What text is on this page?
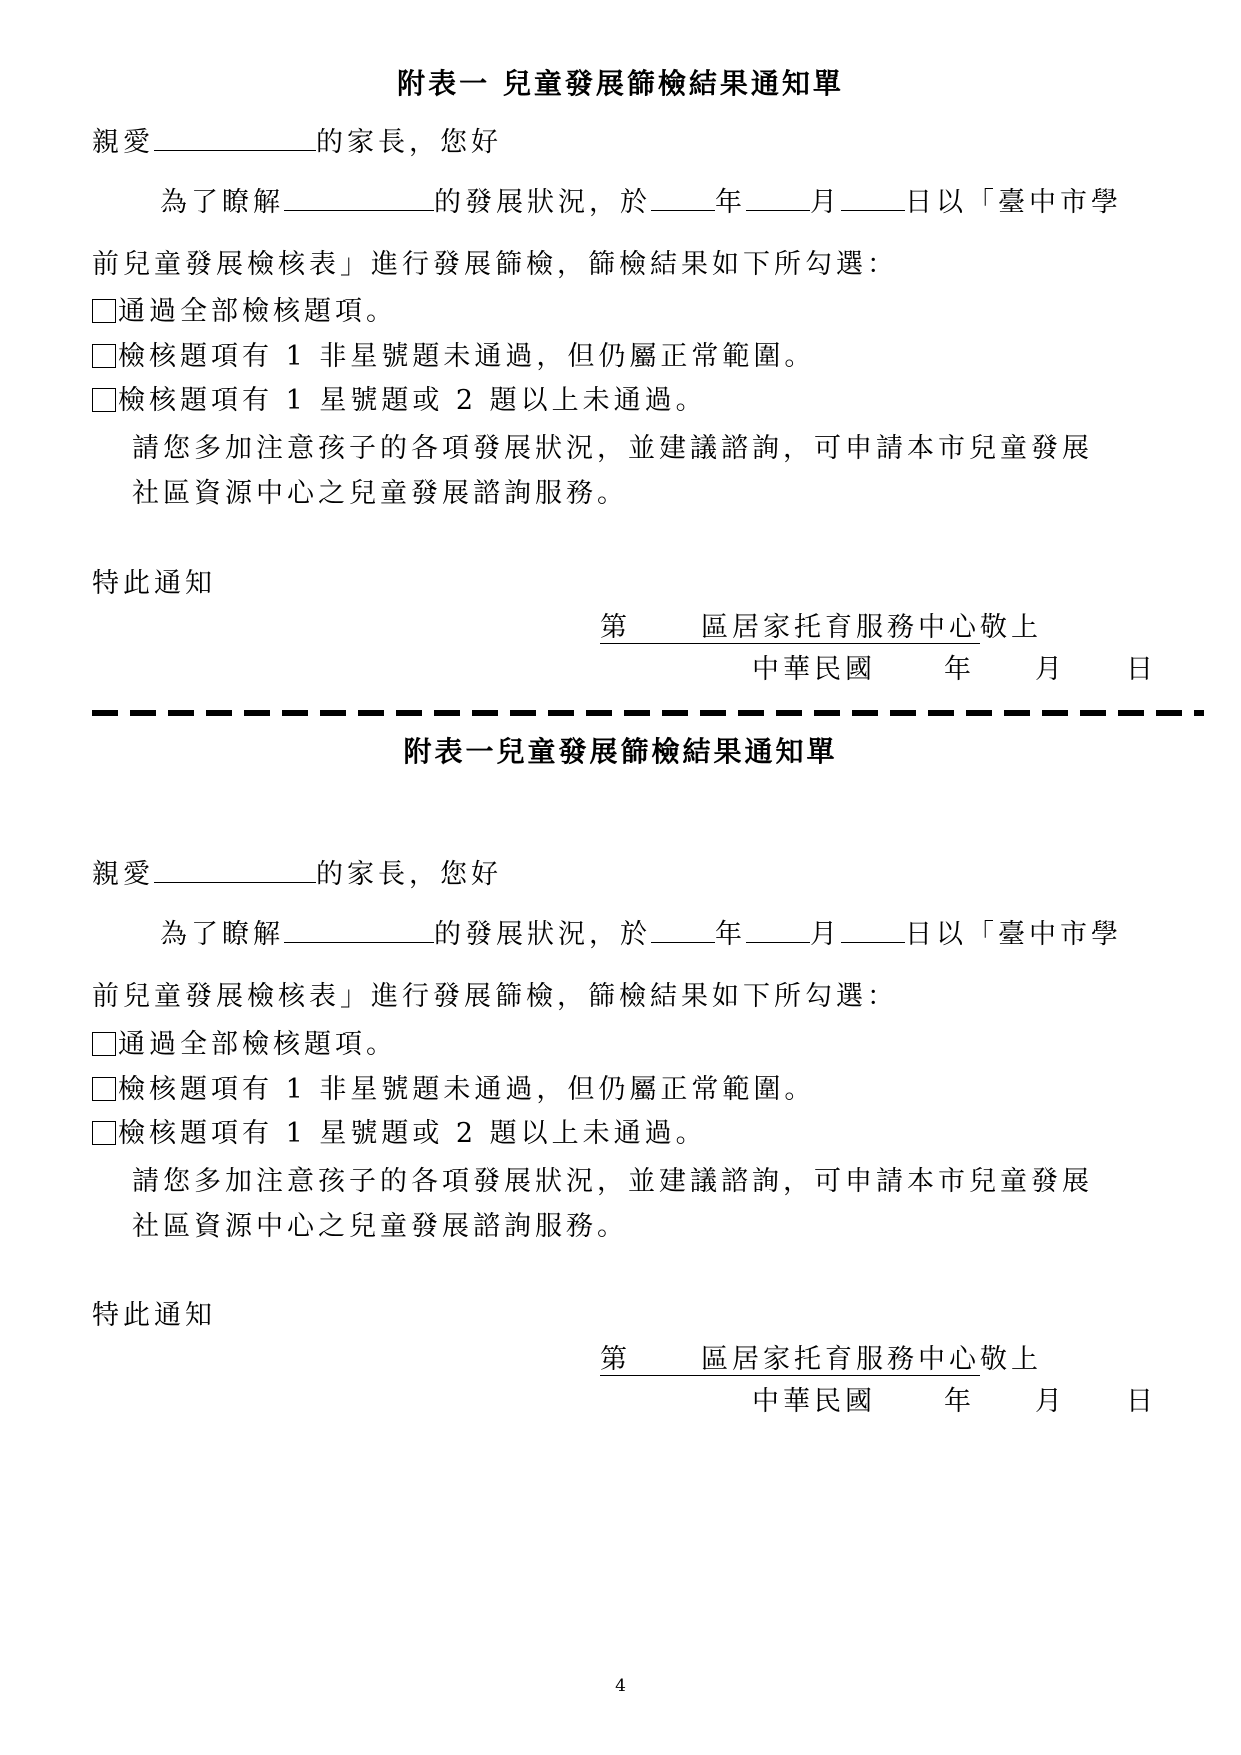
附表一 兒童發展篩檢結果通知單
親愛	的家長，您好
為了瞭解	的發展狀況，於 年 月 日以「臺中市學
前兒童發展檢核表」進行發展篩檢，篩檢結果如下所勾選：
通過全部檢核題項。
檢核題項有 1 非星號題未通過，但仍屬正常範圍。
檢核題項有 1 星號題或 2 題以上未通過。
請您多加注意孩子的各項發展狀況，並建議諮詢，可申請本市兒童發展
社區資源中心之兒童發展諮詢服務。
特此通知
第	區居家托育服務中心敬上
中華民國	年 月 日
附表一兒童發展篩檢結果通知單
親愛	的家長，您好
為了瞭解	的發展狀況，於 年 月 日以「臺中市學
前兒童發展檢核表」進行發展篩檢，篩檢結果如下所勾選：
通過全部檢核題項。
檢核題項有 1 非星號題未通過，但仍屬正常範圍。
檢核題項有 1 星號題或 2 題以上未通過。
請您多加注意孩子的各項發展狀況，並建議諮詢，可申請本市兒童發展
社區資源中心之兒童發展諮詢服務。
特此通知
第	區居家托育服務中心敬上
中華民國	年 月 日
4
